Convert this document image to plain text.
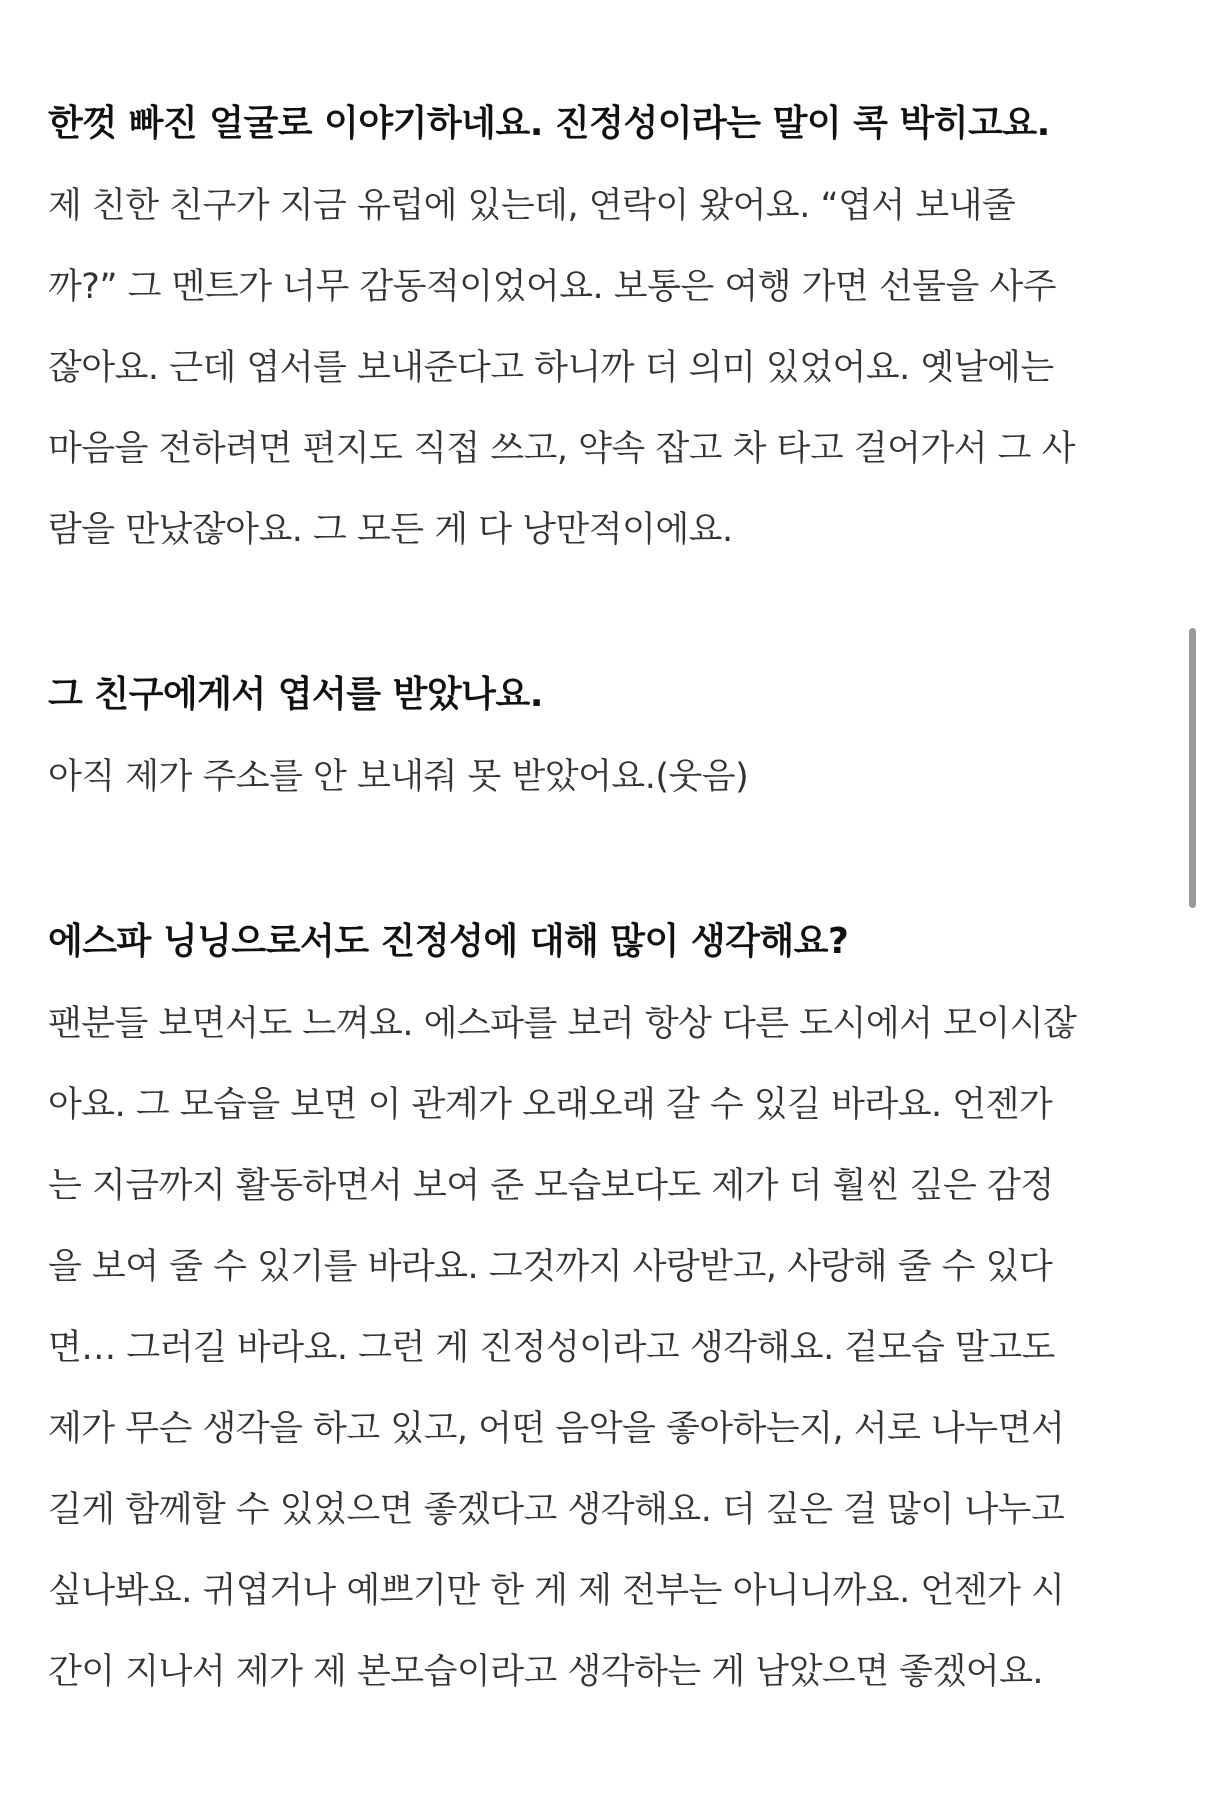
한껏 빠진 얼굴로 이야기하네요. 진정성이라는 말이 콕 박히고요.

제 친한 친구가 지금 유럽에 있는데, 연락이 왔어요. “엽서 보내줄
까?” 그 멘트가 너무 감동적이었어요. 보통은 여행 가면 선물을 사주
잖아요. 근데 엽서를 보내준다고 하니까 더 의미 있었어요. 옛날에는
마음을 전하려면 편지도 직접 쓰고, 약속 잡고 차 타고 걸어가서 그 사
람을 만났잖아요. 그 모든 게 다 낭만적이에요.

그 친구에게서 엽서를 받았나요.

아직 제가 주소를 안 보내줘 못 받았어요.(웃음)

에스파 닝닝으로서도 진정성에 대해 많이 생각해요?

팬분들 보면서도 느껴요. 에스파를 보러 항상 다른 도시에서 모이시잖
아요. 그 모습을 보면 이 관계가 오래오래 갈 수 있길 바라요. 언젠가
는 지금까지 활동하면서 보여 준 모습보다도 제가 더 훨씬 깊은 감정
을 보여 줄 수 있기를 바라요. 그것까지 사랑받고, 사랑해 줄 수 있다
면… 그러길 바라요. 그런 게 진정성이라고 생각해요. 겉모습 말고도
제가 무슨 생각을 하고 있고, 어떤 음악을 좋아하는지, 서로 나누면서
길게 함께할 수 있었으면 좋겠다고 생각해요. 더 깊은 걸 많이 나누고
싶나봐요. 귀엽거나 예쁘기만 한 게 제 전부는 아니니까요. 언젠가 시
간이 지나서 제가 제 본모습이라고 생각하는 게 남았으면 좋겠어요.
